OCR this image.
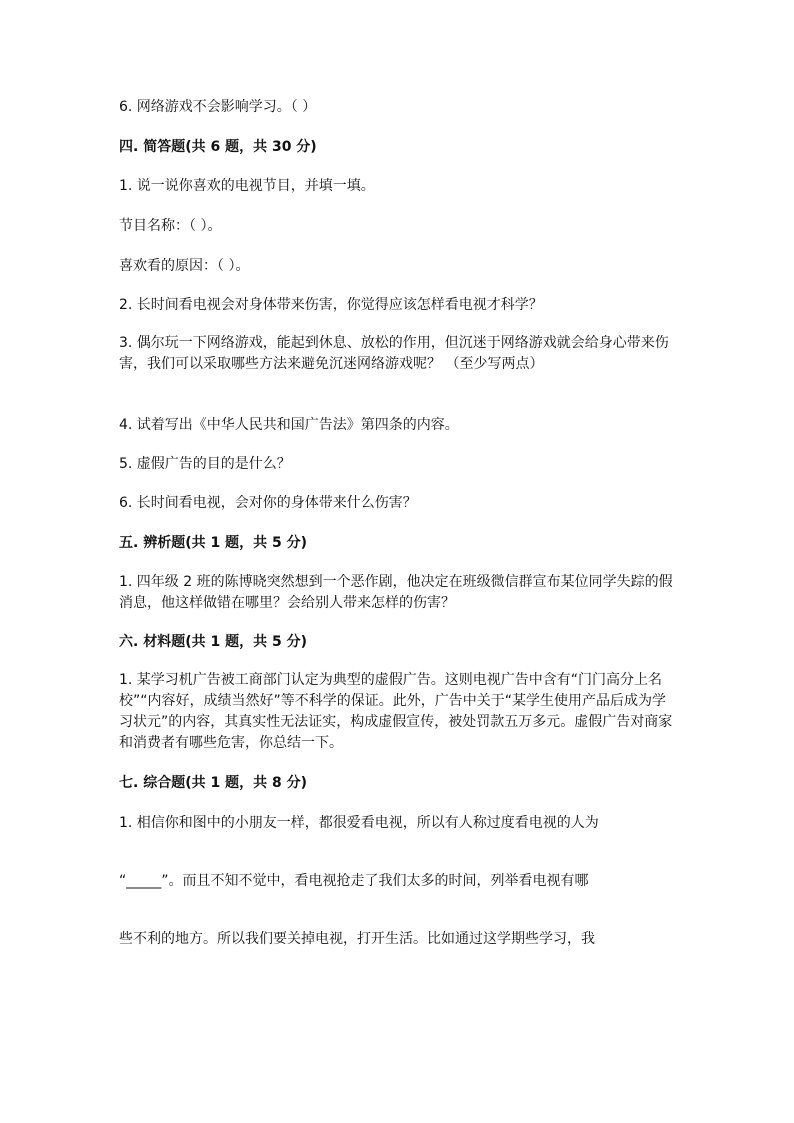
6. 网络游戏不会影响学习。（ ）

四. 简答题(共 6 题，共 30 分)

1. 说一说你喜欢的电视节目，并填一填。

节目名称：（ ）。

喜欢看的原因：（ ）。

2. 长时间看电视会对身体带来伤害，你觉得应该怎样看电视才科学？

3. 偶尔玩一下网络游戏，能起到休息、放松的作用，但沉迷于网络游戏就会给身心带来伤害，我们可以采取哪些方法来避免沉迷网络游戏呢？ （至少写两点）

4. 试着写出《中华人民共和国广告法》第四条的内容。

5. 虚假广告的目的是什么？

6. 长时间看电视，会对你的身体带来什么伤害？

五. 辨析题(共 1 题，共 5 分)

1. 四年级 2 班的陈博晓突然想到一个恶作剧，他决定在班级微信群宣布某位同学失踪的假消息，他这样做错在哪里？会给别人带来怎样的伤害？

六. 材料题(共 1 题，共 5 分)

1. 某学习机广告被工商部门认定为典型的虚假广告。这则电视广告中含有“门门高分上名校”“内容好，成绩当然好”等不科学的保证。此外，广告中关于“某学生使用产品后成为学习状元”的内容，其真实性无法证实，构成虚假宣传，被处罚款五万多元。虚假广告对商家和消费者有哪些危害，你总结一下。

七. 综合题(共 1 题，共 8 分)

1. 相信你和图中的小朋友一样，都很爱看电视，所以有人称过度看电视的人为

“_____”。而且不知不觉中，看电视抢走了我们太多的时间，列举看电视有哪

些不利的地方。所以我们要关掉电视，打开生活。比如通过这学期些学习，我
